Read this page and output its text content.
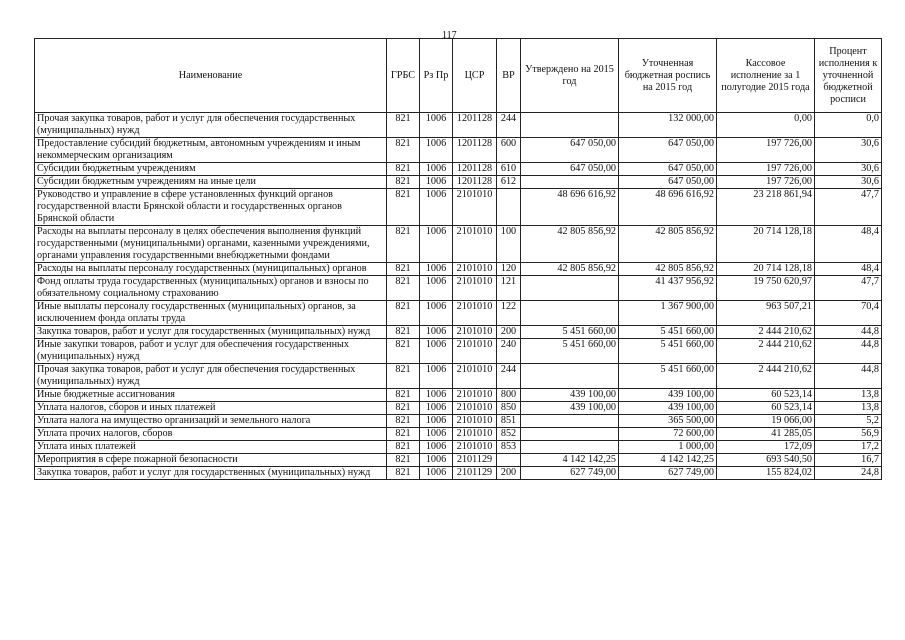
117
Наименование	ГРБС	Рз Пр	ЦСР	ВР	Утверждено на 2015 год	Уточненная бюджетная роспись на 2015 год	Кассовое исполнение за 1 полугодие 2015 года	Процент исполнения к уточненной бюджетной росписи
Прочая закупка товаров, работ и услуг для обеспечения государственных (муниципальных) нужд	821	1006	1201128	244		132 000,00	0,00	0,0
Предоставление субсидий бюджетным, автономным учреждениям и иным некоммерческим организациям	821	1006	1201128	600	647 050,00	647 050,00	197 726,00	30,6
Субсидии бюджетным учреждениям	821	1006	1201128	610	647 050,00	647 050,00	197 726,00	30,6
Субсидии бюджетным учреждениям на иные цели	821	1006	1201128	612		647 050,00	197 726,00	30,6
Руководство и управление в сфере установленных функций органов государственной власти Брянской области и государственных органов Брянской области	821	1006	2101010		48 696 616,92	48 696 616,92	23 218 861,94	47,7
Расходы на выплаты персоналу в целях обеспечения выполнения функций государственными (муниципальными) органами, казенными учреждениями, органами управления государственными внебюджетными фондами	821	1006	2101010	100	42 805 856,92	42 805 856,92	20 714 128,18	48,4
Расходы на выплаты персоналу государственных (муниципальных) органов	821	1006	2101010	120	42 805 856,92	42 805 856,92	20 714 128,18	48,4
Фонд оплаты труда государственных (муниципальных) органов и взносы по обязательному социальному страхованию	821	1006	2101010	121		41 437 956,92	19 750 620,97	47,7
Иные выплаты персоналу государственных (муниципальных) органов, за исключением фонда оплаты труда	821	1006	2101010	122		1 367 900,00	963 507,21	70,4
Закупка товаров, работ и услуг для государственных (муниципальных) нужд	821	1006	2101010	200	5 451 660,00	5 451 660,00	2 444 210,62	44,8
Иные закупки товаров, работ и услуг для обеспечения государственных (муниципальных) нужд	821	1006	2101010	240	5 451 660,00	5 451 660,00	2 444 210,62	44,8
Прочая закупка товаров, работ и услуг для обеспечения государственных (муниципальных) нужд	821	1006	2101010	244		5 451 660,00	2 444 210,62	44,8
Иные бюджетные ассигнования	821	1006	2101010	800	439 100,00	439 100,00	60 523,14	13,8
Уплата налогов, сборов и иных платежей	821	1006	2101010	850	439 100,00	439 100,00	60 523,14	13,8
Уплата налога на имущество организаций и земельного налога	821	1006	2101010	851		365 500,00	19 066,00	5,2
Уплата прочих налогов, сборов	821	1006	2101010	852		72 600,00	41 285,05	56,9
Уплата иных платежей	821	1006	2101010	853		1 000,00	172,09	17,2
Мероприятия в сфере пожарной безопасности	821	1006	2101129		4 142 142,25	4 142 142,25	693 540,50	16,7
Закупка товаров, работ и услуг для государственных (муниципальных) нужд	821	1006	2101129	200	627 749,00	627 749,00	155 824,02	24,8
